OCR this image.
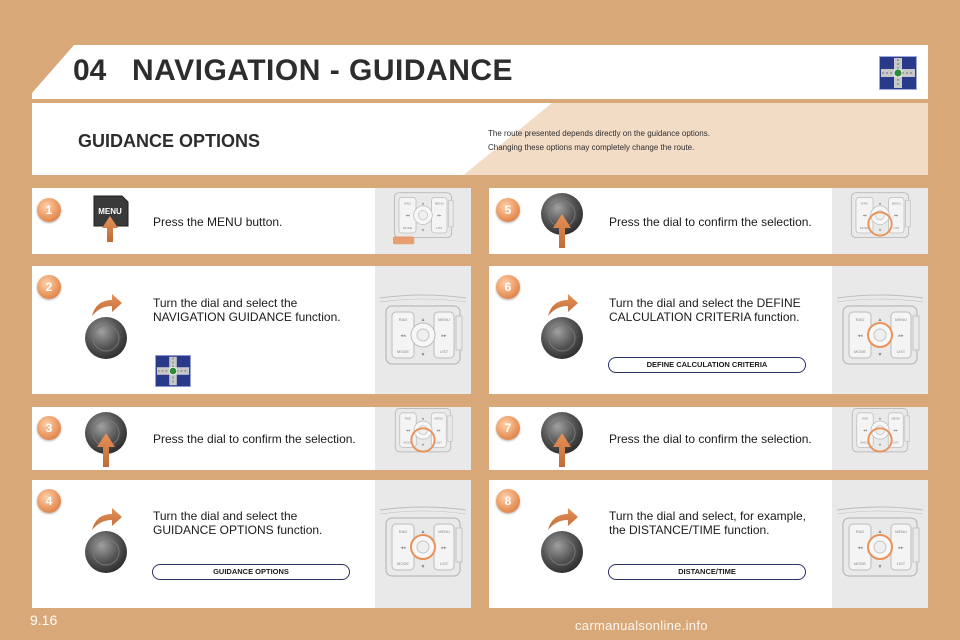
04 NAVIGATION - GUIDANCE
GUIDANCE OPTIONS	The route presented depends directly on the guidance options.
Changing these options may completely change the route.
1	MENU
Press the MENU button.
2
Turn the dial and select the
NAVIGATION GUIDANCE function.
3
Press the dial to confirm the selection.
4
Turn the dial and select the
GUIDANCE OPTIONS function.
GUIDANCE OPTIONS
5
Press the dial to confirm the selection.
6
Turn the dial and select the DEFINE
CALCULATION CRITERIA function.
DEFINE CALCULATION CRITERIA
7
Press the dial to confirm the selection.
8
Turn the dial and select, for example,
the DISTANCE/TIME function.
DISTANCE/TIME
9.16	carmanualsonline.info
